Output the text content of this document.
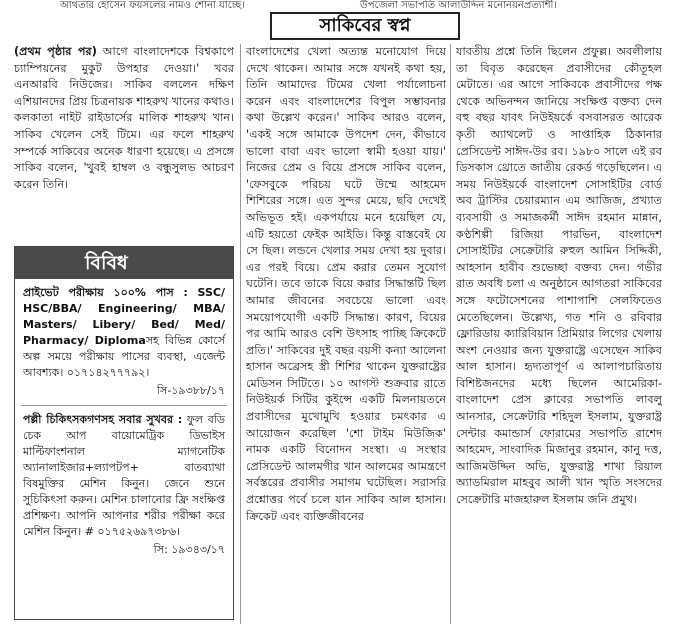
আথতার হোসেন ফয়সলের নামও শোনা যাচ্ছে।	উপজেলা সভাপতি আলাউদ্দিন মনোনয়নপ্রত্যাশী।
সাকিবের স্বপ্ন

(প্রথম পৃষ্ঠার পর) আগে বাংলাদেশকে বিশ্বকাপে চ্যাম্পিয়নের মুকুট উপহার দেওয়া।' খবর এনআরবি নিউজের। সাকিব বললেন দক্ষিণ এশিয়ানদের প্রিয় চিত্রনায়ক শাহরুখ খানের কথাও। কলকাতা নাইট রাইডার্সের মালিক শাহরুখ খান। সাকিব খেলেন সেই টিমে। এর ফলে শাহরুখ সম্পর্কে সাকিবের অনেক ধারণা হয়েছে। এ প্রসঙ্গে সাকিব বলেন, 'খুবই হাম্বল ও বন্ধুসুলভ আচরণ করেন তিনি।

বাংলাদেশের খেলা অত্যন্ত মনোযোগ দিয়ে দেখে থাকেন। আমার সঙ্গে যখনই কথা হয়, তিনি আমাদের টিমের খেলা পর্যালোচনা করেন এবং বাংলাদেশের বিপুল সম্ভাবনার কথা উল্লেখ করেন।' সাকিব আরও বলেন, 'একই সঙ্গে আমাকে উপদেশ দেন, কীভাবে ভালো বাবা এবং ভালো স্বামী হওয়া যায়।' নিজের প্রেম ও বিয়ে প্রসঙ্গে সাকিব বলেন, 'ফেসবুকে পরিচয় ঘটে উম্মে আহমেদ শিশিরের সঙ্গে। এত সুন্দর মেয়ে, ছবি দেখেই অভিভূত হই। একপর্যায়ে মনে হয়েছিল যে, এটি হয়তো ফেইক আইডি। কিন্তু বাস্তবেই যে সে ছিল। লন্ডনে খেলার সময় দেখা হয় দুবার। এর পরই বিয়ে। প্রেম করার তেমন সুযোগ ঘটেনি। তবে তাকে বিয়ে করার সিদ্ধান্তটি ছিল আমার জীবনের সবচেয়ে ভালো এবং সময়োপযোগী একটি সিদ্ধান্ত। কারণ, বিয়ের পর আমি আরও বেশি উৎসাহ পাচ্ছি ক্রিকেটে প্রতি।' সাকিবের দুই বছর বয়সী কন্যা আলেনা হাসান অব্রেসহ স্ত্রী শিশির থাকেন যুক্তরাষ্ট্রের মেডিসন সিটিতে। ১০ আগস্ট শুক্রবার রাতে নিউইয়র্ক সিটির কুইন্সে একটি মিলনায়তনে প্রবাসীদের মুখোমুখি হওয়ার চমৎকার এ আয়োজন করেছিল 'শো টাইম মিউজিক' নামক একটি বিনোদন সংস্থা। এ সংস্থার প্রেসিডেন্ট আলমগীর খান আলমের আমন্ত্রণে সর্বস্তরের প্রবাসীর সমাগম ঘটেছিল। সরাসরি প্রশ্নোত্তর পর্বে চলে যান সাকিব আল হাসান। ক্রিকেট এবং ব্যক্তিজীবনের

যাবতীয় প্রশ্নে তিনি ছিলেন প্রফুল্ল। অবলীলায় তা বিবৃত করেছেন প্রবাসীদের কৌতূহল মেটাতে। এর আগে সাকিবকে প্রবাসীদের পক্ষ থেকে অভিনন্দন জানিয়ে সংক্ষিপ্ত বক্তব্য দেন বহু বছর যাবৎ নিউইয়র্কে বসবাসরত আরেক কৃতী অ্যাথলেট ও সাপ্তাহিক ঠিকানার প্রেসিডেন্ট সাঈদ-উর রব। ১৯৮০ সালে এই রব ডিসকাস থ্রোতে জাতীয় রেকর্ড গড়েছিলেন। এ সময় নিউইয়র্কে বাংলাদেশ সোসাইটির বোর্ড অব ট্রাস্টির চেয়ারম্যান এম আজিজ, প্রখ্যাত ব্যবসায়ী ও সমাজকর্মী সাঈদ রহমান মান্নান, কণ্ঠশিল্পী রিজিয়া পারভিন, বাংলাদেশ সোসাইটির সেক্রেটারি রুহুল আমিন সিদ্দিকী, আহসান হাবীব শুভেচ্ছা বক্তব্য দেন। গভীর রাত অবধি চলা এ অনুষ্ঠানে আগতরা সাকিবের সঙ্গে ফটোসেশনের পাশাপাশি সেলফিতেও মেতেছিলেন। উল্লেখ্য, গত শনি ও রবিবার ফ্লোরিডায় ক্যারিবিয়ান প্রিমিয়ার লিগের খেলায় অংশ নেওয়ার জন্য যুক্তরাষ্ট্রে এসেছেন সাকিব আল হাসান। হৃদ্যতাপূর্ণ এ আলাপচারিতায় বিশিষ্টজনদের মধ্যে ছিলেন আমেরিকা-বাংলাদেশ প্রেস ক্লাবের সভাপতি লাবলু আনসার, সেক্রেটারি শহিদুল ইসলাম, যুক্তরাষ্ট্র সেন্টার কমান্ডার্স ফোরামের সভাপতি রাশেদ আহমেদ, সাংবাদিক মিজানুর রহমান, কানু দত্ত, আজিমউদ্দিন অভি, যুক্তরাষ্ট্র শাখা রিয়াল অ্যাডমিরাল মাহবুব আলী খান স্মৃতি সংসদের সেক্রেটারি মাজহারুল ইসলাম জনি প্রমুখ।

বিবিধ
প্রাইভেট পরীক্ষায় ১০০% পাস : SSC/ HSC/BBA/ Engineering/ MBA/ Masters/ Libery/ Bed/ Med/ Pharmacy/ Diplomaসহ বিভিন্ন কোর্সে অল্প সময়ে পরীক্ষায় পাসের ব্যবস্থা, এজেন্ট আবশ্যক। ০১৭১৪২৭৭৭৯২।
সি-১৯৩৮৮/১৭
পল্লী চিকিৎসকগণসহ সবার সুখবর : ফুল বডি চেক আপ বায়োমেট্রিক ডিভাইস মাল্টিফাংশনাল ম্যাগনেটিক অ্যানালাইজার+ল্যাপটপ+ বাতব্যাথা বিষমুক্তির মেশিন কিনুন। জেনে শুনে সুচিকিৎসা করুন। মেশিন চালানোর ফ্রি সংক্ষিপ্ত প্রশিক্ষণ। আপনি আপনার শরীর পরীক্ষা করে মেশিন কিনুন। # ০১৭৫২৬৯৭৩৮৬।
সি: ১৯৩৪৩/১৭
